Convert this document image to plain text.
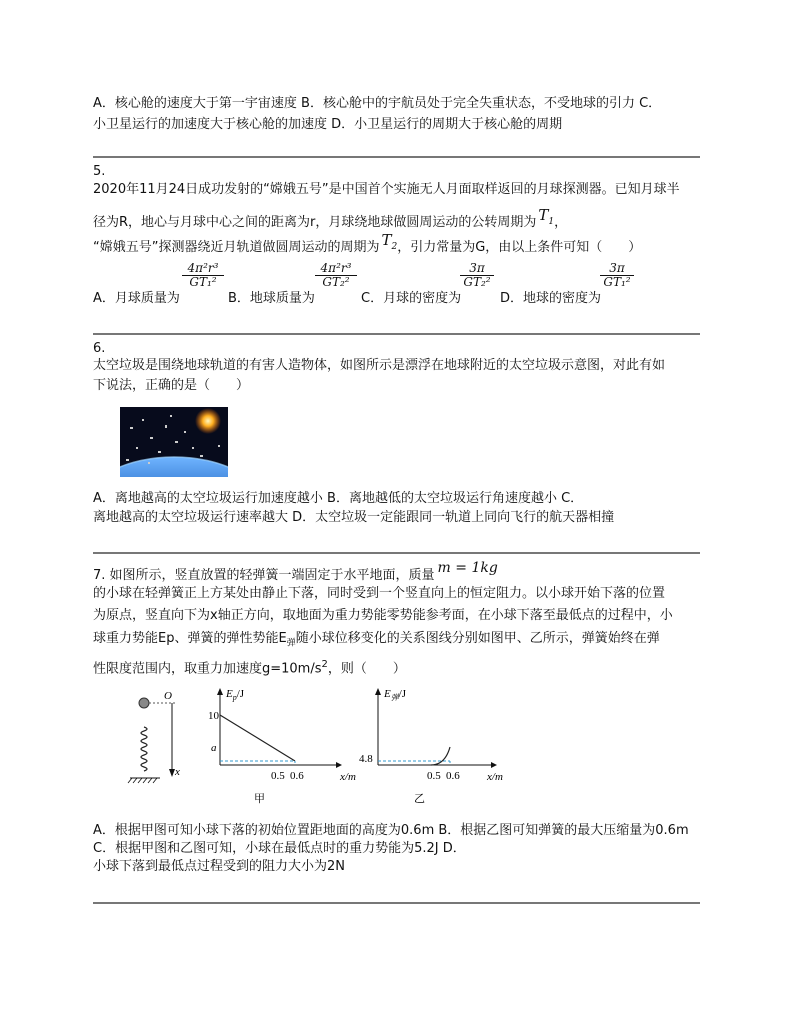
A．核心舱的速度大于第一宇宙速度 B．核心舱中的宇航员处于完全失重状态，不受地球的引力 C．
小卫星运行的加速度大于核心舱的加速度 D．小卫星运行的周期大于核心舱的周期
5.
2020年11月24日成功发射的“嫦娥五号”是中国首个实施无人月面取样返回的月球探测器。已知月球半
径为R，地心与月球中心之间的距离为r，月球绕地球做圆周运动的公转周期为 $T_1$，
“嫦娥五号”探测器绕近月轨道做圆周运动的周期为 $T_2$，引力常量为G，由以上条件可知（　　）
A．月球质量为
$\frac{\text{4π²r³}}{\text{GT₁²}}$
B．地球质量为
$\frac{\text{4π²r³}}{\text{GT₂²}}$
C．月球的密度为
$\frac{3\pi}{\text{GT₂²}}$
D．地球的密度为
$\frac{3\pi}{\text{GT₁²}}$
6.
太空垃圾是围绕地球轨道的有害人造物体，如图所示是漂浮在地球附近的太空垃圾示意图，对此有如
下说法，正确的是（　　）
A．离地越高的太空垃圾运行加速度越小 B．离地越低的太空垃圾运行角速度越小 C．
离地越高的太空垃圾运行速率越大 D．太空垃圾一定能跟同一轨道上同向飞行的航天器相撞
7. 如图所示，竖直放置的轻弹簧一端固定于水平地面，质量 m = 1kg
的小球在轻弹簧正上方某处由静止下落，同时受到一个竖直向上的恒定阻力。以小球开始下落的位置
为原点，竖直向下为x轴正方向，取地面为重力势能零势能参考面，在小球下落至最低点的过程中，小
球重力势能Ep、弹簧的弹性势能$E_弹$随小球位移变化的关系图线分别如图甲、乙所示，弹簧始终在弹
性限度范围内，取重力加速度$g=10m/s^2$，则（　　）
O
x
$E_p/J$
10
a
甲
0.5 0.6	x/m
$E_弹/J$
4.8
乙
0.5 0.6 x/m
A．根据甲图可知小球下落的初始位置距地面的高度为0.6m B．根据乙图可知弹簧的最大压缩量为0.6m
C．根据甲图和乙图可知，小球在最低点时的重力势能为5.2J D．
小球下落到最低点过程受到的阻力大小为2N
